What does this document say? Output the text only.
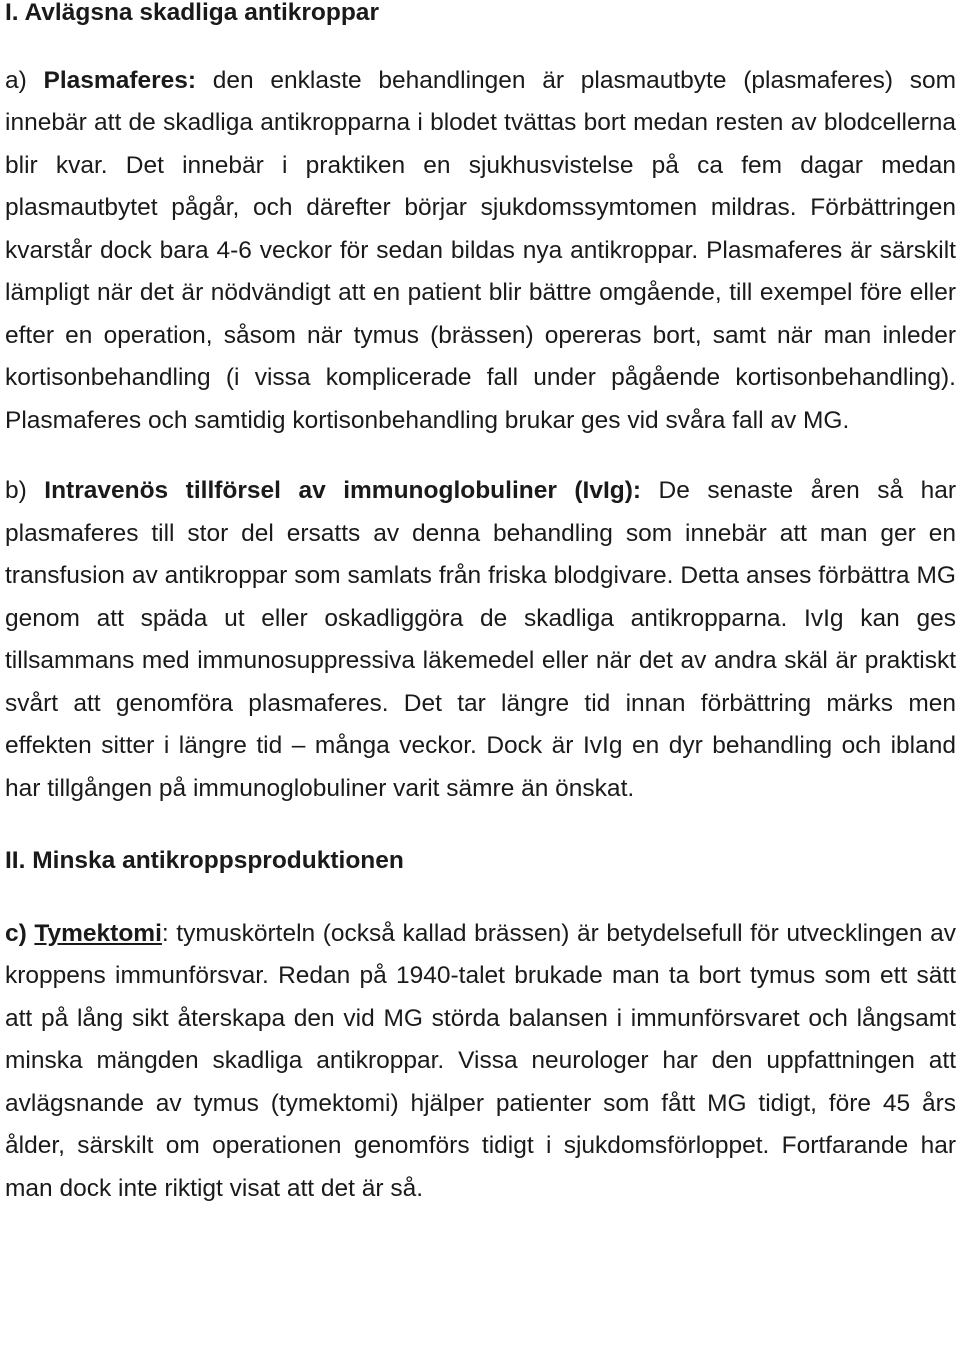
I. Avlägsna skadliga antikroppar

a) Plasmaferes: den enklaste behandlingen är plasmautbyte (plasmaferes) som innebär att de skadliga antikropparna i blodet tvättas bort medan resten av blodcellerna blir kvar. Det innebär i praktiken en sjukhusvistelse på ca fem dagar medan plasmautbytet pågår, och därefter börjar sjukdomssymtomen mildras. Förbättringen kvarstår dock bara 4-6 veckor för sedan bildas nya antikroppar. Plasmaferes är särskilt lämpligt när det är nödvändigt att en patient blir bättre omgående, till exempel före eller efter en operation, såsom när tymus (brässen) opereras bort, samt när man inleder kortisonbehandling (i vissa komplicerade fall under pågående kortisonbehandling). Plasmaferes och samtidig kortisonbehandling brukar ges vid svåra fall av MG.

b) Intravenös tillförsel av immunoglobuliner (IvIg): De senaste åren så har plasmaferes till stor del ersatts av denna behandling som innebär att man ger en transfusion av antikroppar som samlats från friska blodgivare. Detta anses förbättra MG genom att späda ut eller oskadliggöra de skadliga antikropparna. IvIg kan ges tillsammans med immunosuppressiva läkemedel eller när det av andra skäl är praktiskt svårt att genomföra plasmaferes. Det tar längre tid innan förbättring märks men effekten sitter i längre tid – många veckor. Dock är IvIg en dyr behandling och ibland har tillgången på immunoglobuliner varit sämre än önskat.

II. Minska antikroppsproduktionen

c) Tymektomi: tymuskörteln (också kallad brässen) är betydelsefull för utvecklingen av kroppens immunförsvar. Redan på 1940-talet brukade man ta bort tymus som ett sätt att på lång sikt återskapa den vid MG störda balansen i immunförsvaret och långsamt minska mängden skadliga antikroppar. Vissa neurologer har den uppfattningen att avlägsnande av tymus (tymektomi) hjälper patienter som fått MG tidigt, före 45 års ålder, särskilt om operationen genomförs tidigt i sjukdomsförloppet. Fortfarande har man dock inte riktigt visat att det är så.
